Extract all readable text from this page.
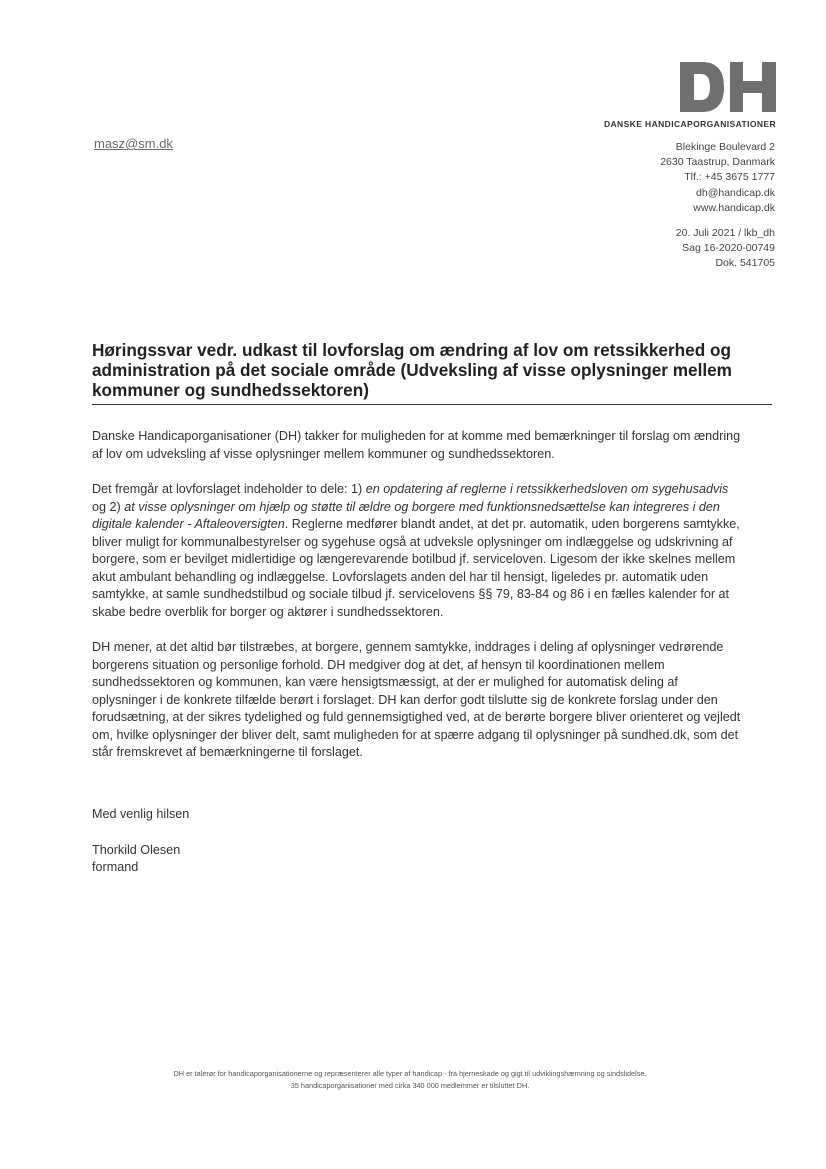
DANSKE HANDICAPORGANISATIONER
masz@sm.dk	Blekinge Boulevard 2
2630 Taastrup, Danmark
Tlf.: +45 3675 1777
dh@handicap.dk
www.handicap.dk
20. Juli 2021 / lkb_dh
Sag 16-2020-00749
Dok. 541705
Høringssvar vedr. udkast til lovforslag om ændring af lov om retssikkerhed og administration på det sociale område (Udveksling af visse oplysninger mellem kommuner og sundhedssektoren)

Danske Handicaporganisationer (DH) takker for muligheden for at komme med bemærkninger til forslag om ændring af lov om udveksling af visse oplysninger mellem kommuner og sundhedssektoren.

Det fremgår at lovforslaget indeholder to dele: 1) en opdatering af reglerne i retssikkerhedsloven om sygehusadvis og 2) at visse oplysninger om hjælp og støtte til ældre og borgere med funktionsnedsættelse kan integreres i den digitale kalender - Aftaleoversigten. Reglerne medfører blandt andet, at det pr. automatik, uden borgerens samtykke, bliver muligt for kommunalbestyrelser og sygehuse også at udveksle oplysninger om indlæggelse og udskrivning af borgere, som er bevilget midlertidige og længerevarende botilbud jf. serviceloven. Ligesom der ikke skelnes mellem akut ambulant behandling og indlæggelse. Lovforslagets anden del har til hensigt, ligeledes pr. automatik uden samtykke, at samle sundhedstilbud og sociale tilbud jf. servicelovens §§ 79, 83-84 og 86 i en fælles kalender for at skabe bedre overblik for borger og aktører i sundhedssektoren.

DH mener, at det altid bør tilstræbes, at borgere, gennem samtykke, inddrages i deling af oplysninger vedrørende borgerens situation og personlige forhold. DH medgiver dog at det, af hensyn til koordinationen mellem sundhedssektoren og kommunen, kan være hensigtsmæssigt, at der er mulighed for automatisk deling af oplysninger i de konkrete tilfælde berørt i forslaget. DH kan derfor godt tilslutte sig de konkrete forslag under den forudsætning, at der sikres tydelighed og fuld gennemsigtighed ved, at de berørte borgere bliver orienteret og vejledt om, hvilke oplysninger der bliver delt, samt muligheden for at spærre adgang til oplysninger på sundhed.dk, som det står fremskrevet af bemærkningerne til forslaget.

Med venlig hilsen

Thorkild Olesen
formand
DH er talerør for handicaporganisationerne og repræsenterer alle typer af handicap - fra hjerneskade og gigt til udviklingshæmning og sindslidelse.
35 handicaporganisationer med cirka 340 000 medlemmer er tilsluttet DH.
